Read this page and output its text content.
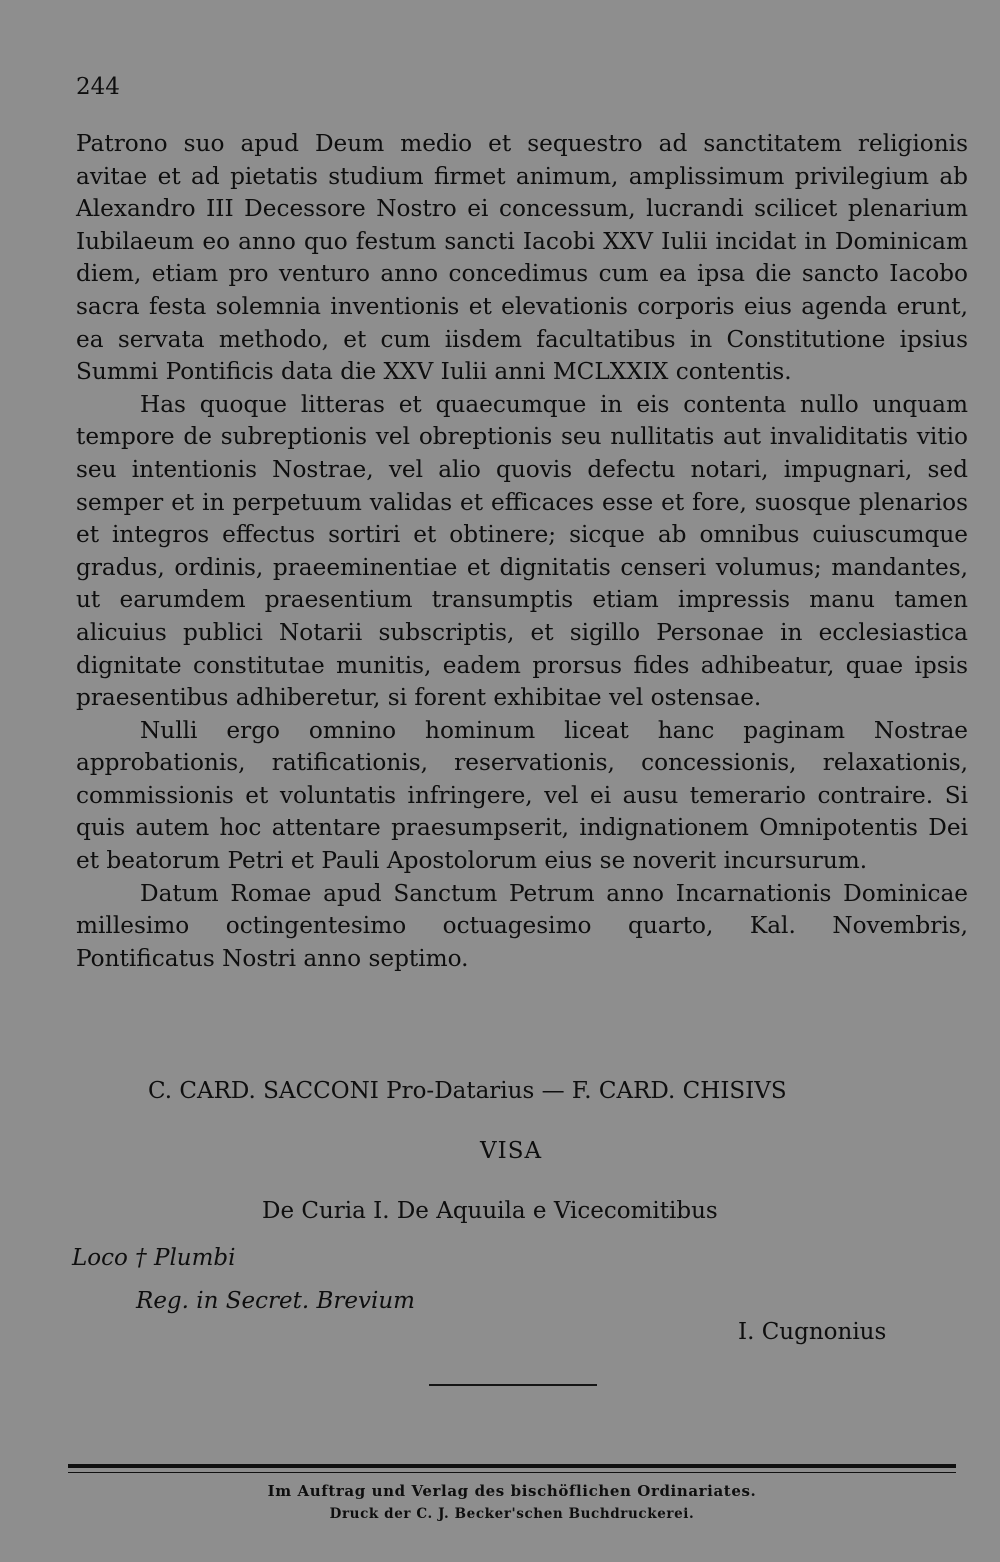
244

Patrono suo apud Deum medio et sequestro ad sanctitatem religionis avitae et ad pietatis studium firmet animum, amplissimum privilegium ab Alexandro III Decessore Nostro ei concessum, lucrandi scilicet plenarium Iubilaeum eo anno quo festum sancti Iacobi XXV Iulii incidat in Dominicam diem, etiam pro venturo anno concedimus cum ea ipsa die sancto Iacobo sacra festa solemnia inventionis et elevationis corporis eius agenda erunt, ea servata methodo, et cum iisdem facultatibus in Constitutione ipsius Summi Pontificis data die XXV Iulii anni MCLXXIX contentis.

Has quoque litteras et quaecumque in eis contenta nullo unquam tempore de subreptionis vel obreptionis seu nullitatis aut invaliditatis vitio seu intentionis Nostrae, vel alio quovis defectu notari, impugnari, sed semper et in perpetuum validas et efficaces esse et fore, suosque plenarios et integros effectus sortiri et obtinere; sicque ab omnibus cuiuscumque gradus, ordinis, praeeminentiae et dignitatis censeri volumus; mandantes, ut earumdem praesentium transumptis etiam impressis manu tamen alicuius publici Notarii subscriptis, et sigillo Personae in ecclesiastica dignitate constitutae munitis, eadem prorsus fides adhibeatur, quae ipsis praesentibus adhiberetur, si forent exhibitae vel ostensae.

Nulli ergo omnino hominum liceat hanc paginam Nostrae approbationis, ratificationis, reservationis, concessionis, relaxationis, commissionis et voluntatis infringere, vel ei ausu temerario contraire. Si quis autem hoc attentare praesumpserit, indignationem Omnipotentis Dei et beatorum Petri et Pauli Apostolorum eius se noverit incursurum.

Datum Romae apud Sanctum Petrum anno Incarnationis Dominicae millesimo octingentesimo octuagesimo quarto, Kal. Novembris, Pontificatus Nostri anno septimo.

C. CARD. SACCONI Pro-Datarius — F. CARD. CHISIVS
VISA
De Curia I. De Aquuila e Vicecomitibus
Loco † Plumbi
Reg. in Secret. Brevium
I. Cugnonius
Im Auftrag und Verlag des bischöflichen Ordinariates.
Druck der C. J. Becker'schen Buchdruckerei.
